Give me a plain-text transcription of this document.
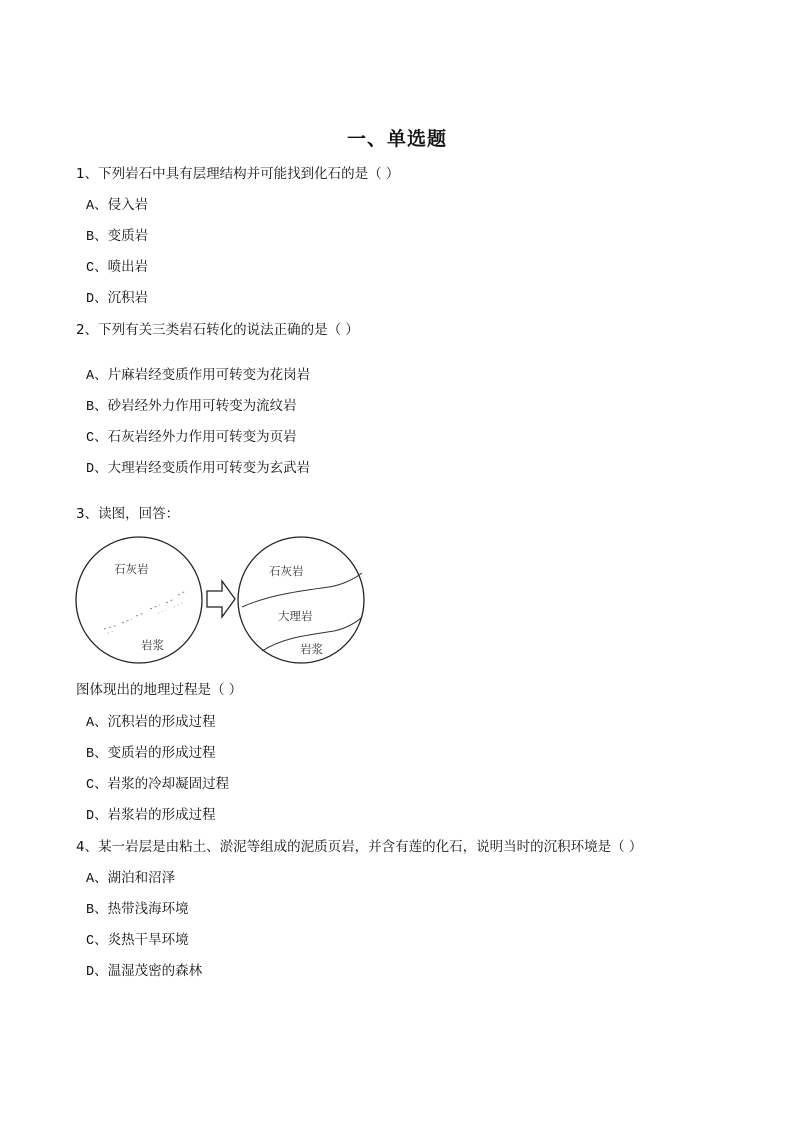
一、单选题
1、下列岩石中具有层理结构并可能找到化石的是（ ）
A、侵入岩
B、变质岩
C、喷出岩
D、沉积岩
2、下列有关三类岩石转化的说法正确的是（ ）
A、片麻岩经变质作用可转变为花岗岩
B、砂岩经外力作用可转变为流纹岩
C、石灰岩经外力作用可转变为页岩
D、大理岩经变质作用可转变为玄武岩
3、读图，回答：
石灰岩
岩浆
石灰岩
大理岩
岩浆
图体现出的地理过程是（ ）
A、沉积岩的形成过程
B、变质岩的形成过程
C、岩浆的冷却凝固过程
D、岩浆岩的形成过程
4、某一岩层是由粘土、淤泥等组成的泥质页岩，并含有莲的化石，说明当时的沉积环境是（ ）
A、湖泊和沼泽
B、热带浅海环境
C、炎热干旱环境
D、温湿茂密的森林
